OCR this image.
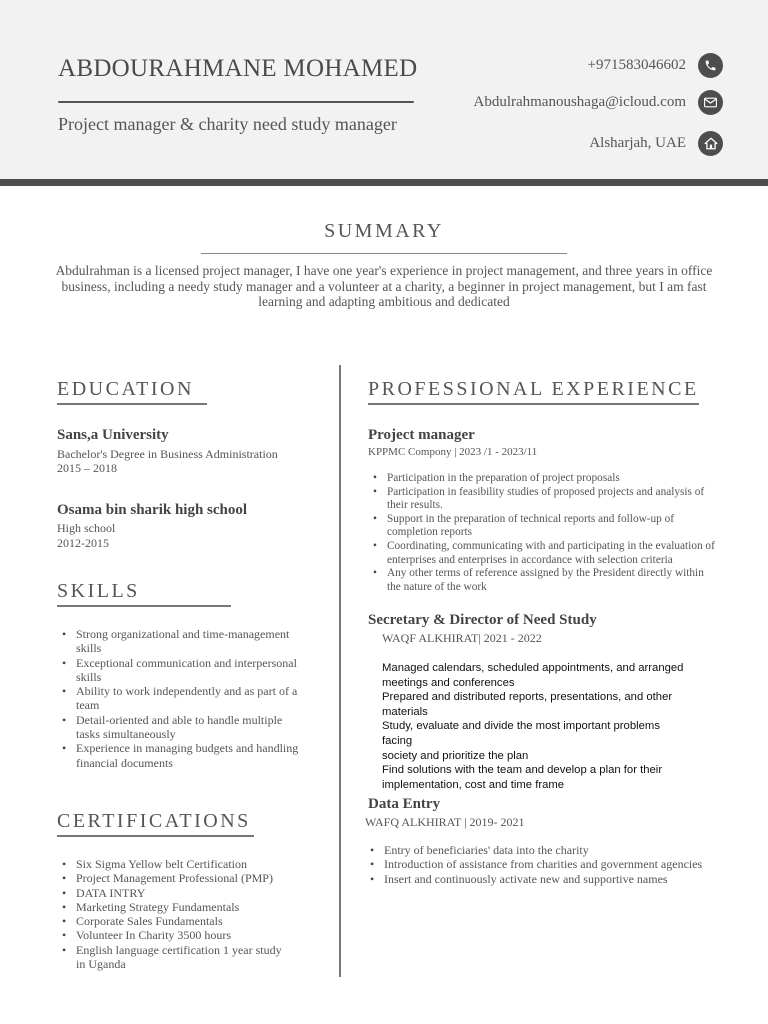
ABDOURAHMANE MOHAMED
Project manager & charity need study manager
+971583046602
Abdulrahmanoushaga@icloud.com
Alsharjah, UAE
SUMMARY
Abdulrahman is a licensed project manager, I have one year's experience in project management, and three years in office business, including a needy study manager and a volunteer at a charity, a beginner in project management, but I am fast learning and adapting ambitious and dedicated
EDUCATION
Sans,a University
Bachelor's Degree in Business Administration
2015 – 2018
Osama bin sharik high school
High school
2012-2015
SKILLS
• Strong organizational and time-management skills
• Exceptional communication and interpersonal skills
• Ability to work independently and as part of a team
• Detail-oriented and able to handle multiple tasks simultaneously
• Experience in managing budgets and handling financial documents
CERTIFICATIONS
• Six Sigma Yellow belt Certification
• Project Management Professional (PMP)
• DATA INTRY
• Marketing Strategy Fundamentals
• Corporate Sales Fundamentals
• Volunteer In Charity 3500 hours
• English language certification 1 year study in Uganda
PROFESSIONAL EXPERIENCE
Project manager
KPPMC Compony | 2023 /1 - 2023/11
• Participation in the preparation of project proposals
• Participation in feasibility studies of proposed projects and analysis of their results.
• Support in the preparation of technical reports and follow-up of completion reports
• Coordinating, communicating with and participating in the evaluation of enterprises and enterprises in accordance with selection criteria
• Any other terms of reference assigned by the President directly within the nature of the work
Secretary & Director of Need Study
WAQF ALKHIRAT| 2021 - 2022
Managed calendars, scheduled appointments, and arranged
meetings and conferences
Prepared and distributed reports, presentations, and other
materials
Study, evaluate and divide the most important problems
facing
society and prioritize the plan
Find solutions with the team and develop a plan for their
implementation, cost and time frame
Data Entry
WAFQ ALKHIRAT | 2019- 2021
• Entry of beneficiaries' data into the charity
• Introduction of assistance from charities and government agencies
• Insert and continuously activate new and supportive names
